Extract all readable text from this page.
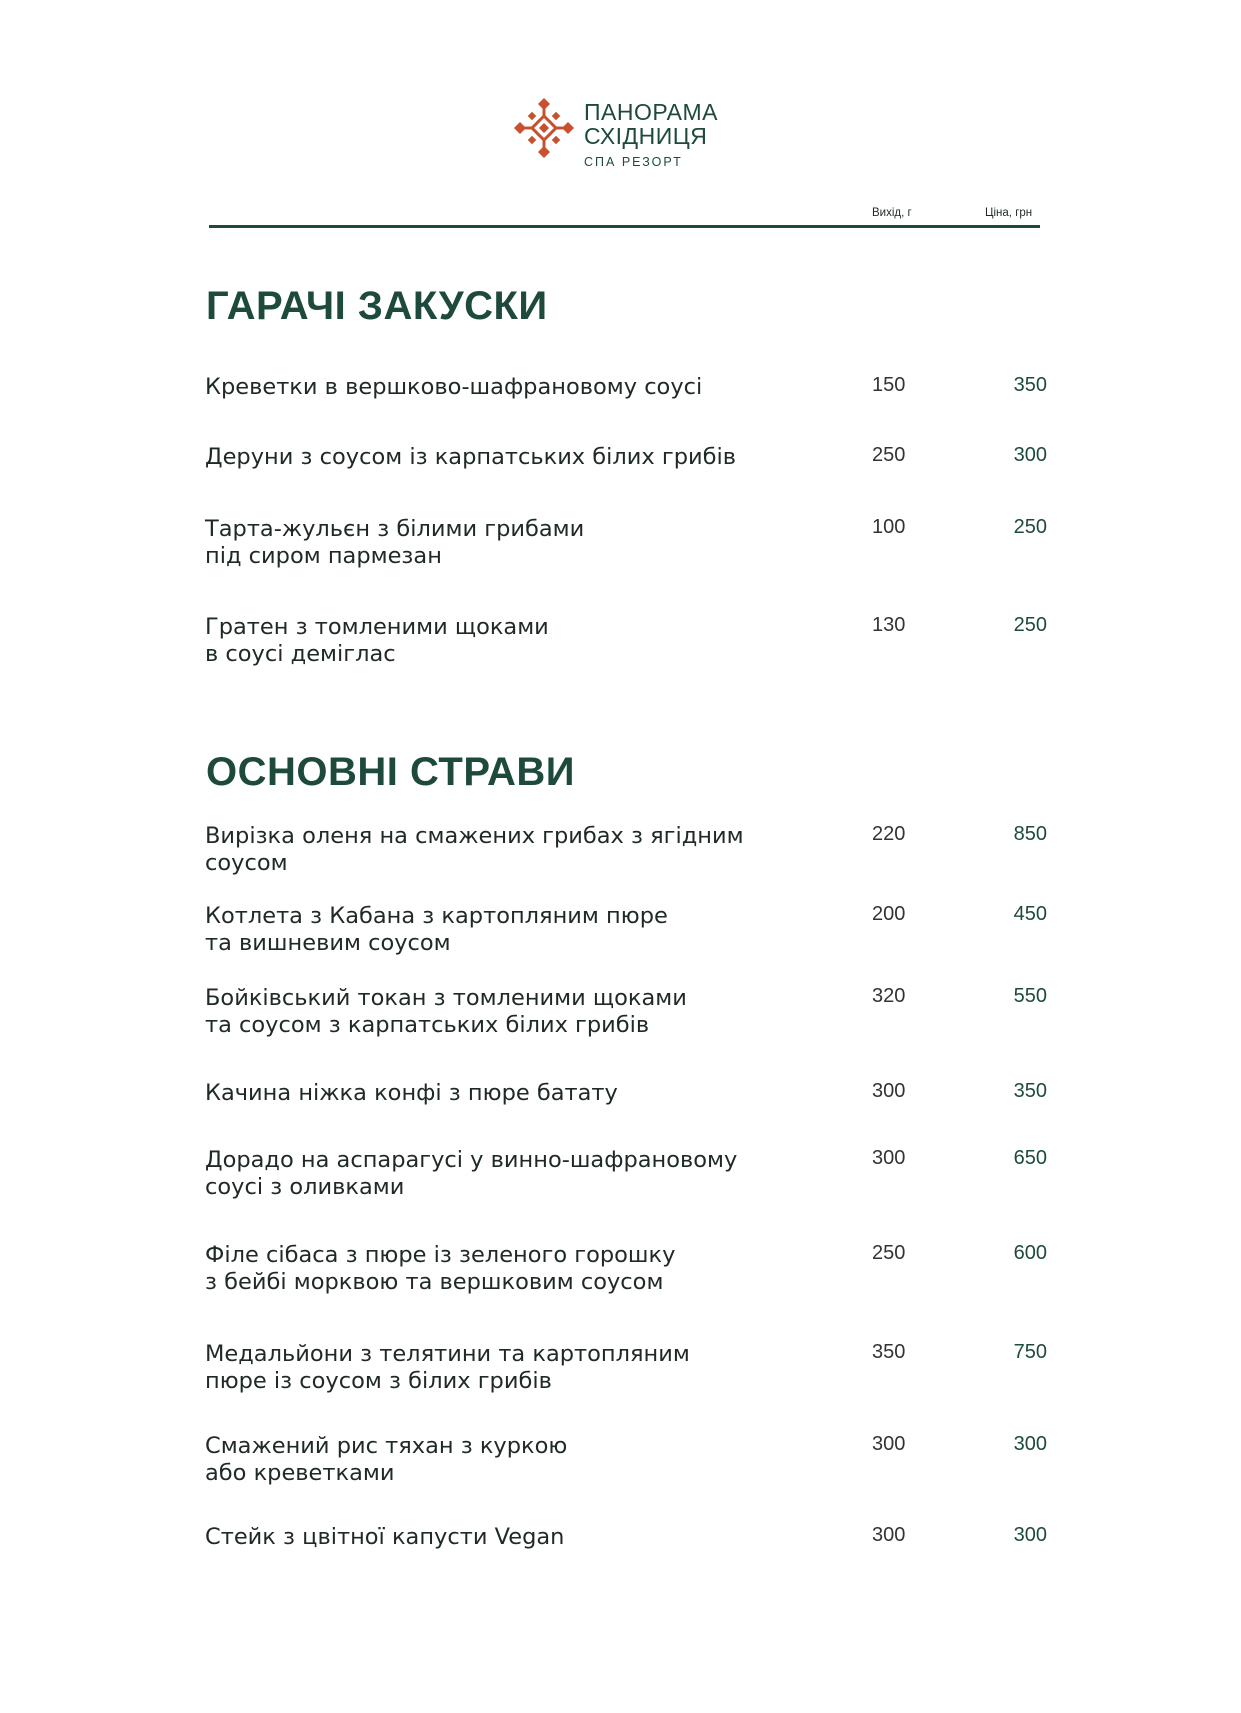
ПАНОРАМА
СХІДНИЦЯ
СПА РЕЗОРТ
Вихід, г	Ціна, грн
ГАРАЧІ ЗАКУСКИ
Креветки в вершково-шафрановому соусі	150	350
Деруни з соусом із карпатських білих грибів	250	300
Тарта-жульєн з білими грибами
під сиром пармезан
100	250
Гратен з томленими щоками
в соусі деміглас
130	250
ОСНОВНІ СТРАВИ
Вирізка оленя на смажених грибах з ягідним
соусом
220	850
Котлета з Кабана з картопляним пюре
та вишневим соусом
200	450
Бойківський токан з томленими щоками
та соусом з карпатських білих грибів
320	550
Качина ніжка конфі з пюре батату	300	350
Дорадо на аспарагусі у винно-шафрановому
соусі з оливками
300	650
Філе сібаса з пюре із зеленого горошку
з бейбі морквою та вершковим соусом
250	600
Медальйони з телятини та картопляним
пюре із соусом з білих грибів
350	750
Смажений рис тяхан з куркою
або креветками
300	300
Стейк з цвітної капусти Vegan	300	300
